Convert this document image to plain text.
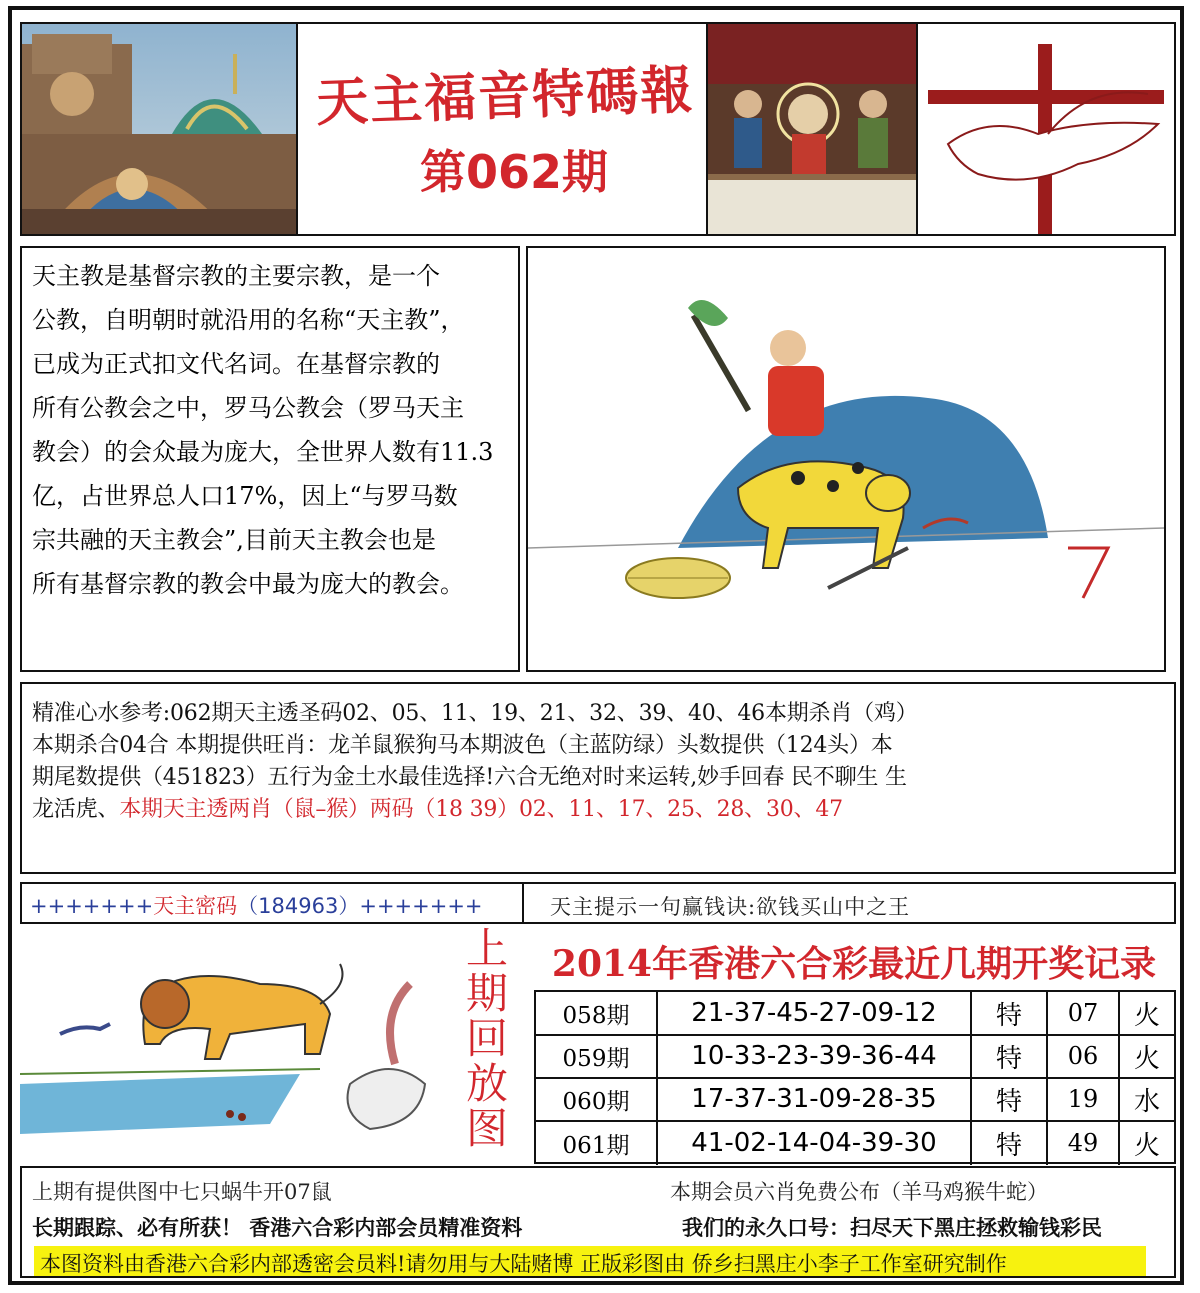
天主福音特碼報
第062期
天主教是基督宗教的主要宗教，是一个
公教，自明朝时就沿用的名称“天主教”，
已成为正式扣文代名词。在基督宗教的
所有公教会之中，罗马公教会（罗马天主
教会）的会众最为庞大，全世界人数有11.3
亿，占世界总人口17%，因上“与罗马数
宗共融的天主教会”,目前天主教会也是
所有基督宗教的教会中最为庞大的教会。	7
精准心水参考:062期天主透圣码02、05、11、19、21、32、39、40、46本期杀肖（鸡）
本期杀合04合 本期提供旺肖：龙羊鼠猴狗马本期波色（主蓝防绿）头数提供（124头）本
期尾数提供（451823）五行为金土水最佳选择!六合无绝对时来运转,妙手回春 民不聊生 生
龙活虎、本期天主透两肖（鼠–猴）两码（18 39）02、11、17、25、28、30、47
+++++++天主密码（184963）+++++++	天主提示一句赢钱诀:欲钱买山中之王
上
期
回
放
图
2014年香港六合彩最近几期开奖记录
058期	21-37-45-27-09-12	特	07	火
059期	10-33-23-39-36-44	特	06	火
060期	17-37-31-09-28-35	特	19	水
061期	41-02-14-04-39-30	特	49	火
上期有提供图中七只蜗牛开07鼠	本期会员六肖免费公布（羊马鸡猴牛蛇）
长期跟踪、必有所获！ 香港六合彩内部会员精准资料	我们的永久口号：扫尽天下黑庄拯救输钱彩民
本图资料由香港六合彩内部透密会员料!请勿用与大陆赌博 正版彩图由 侨乡扫黑庄小李子工作室研究制作
